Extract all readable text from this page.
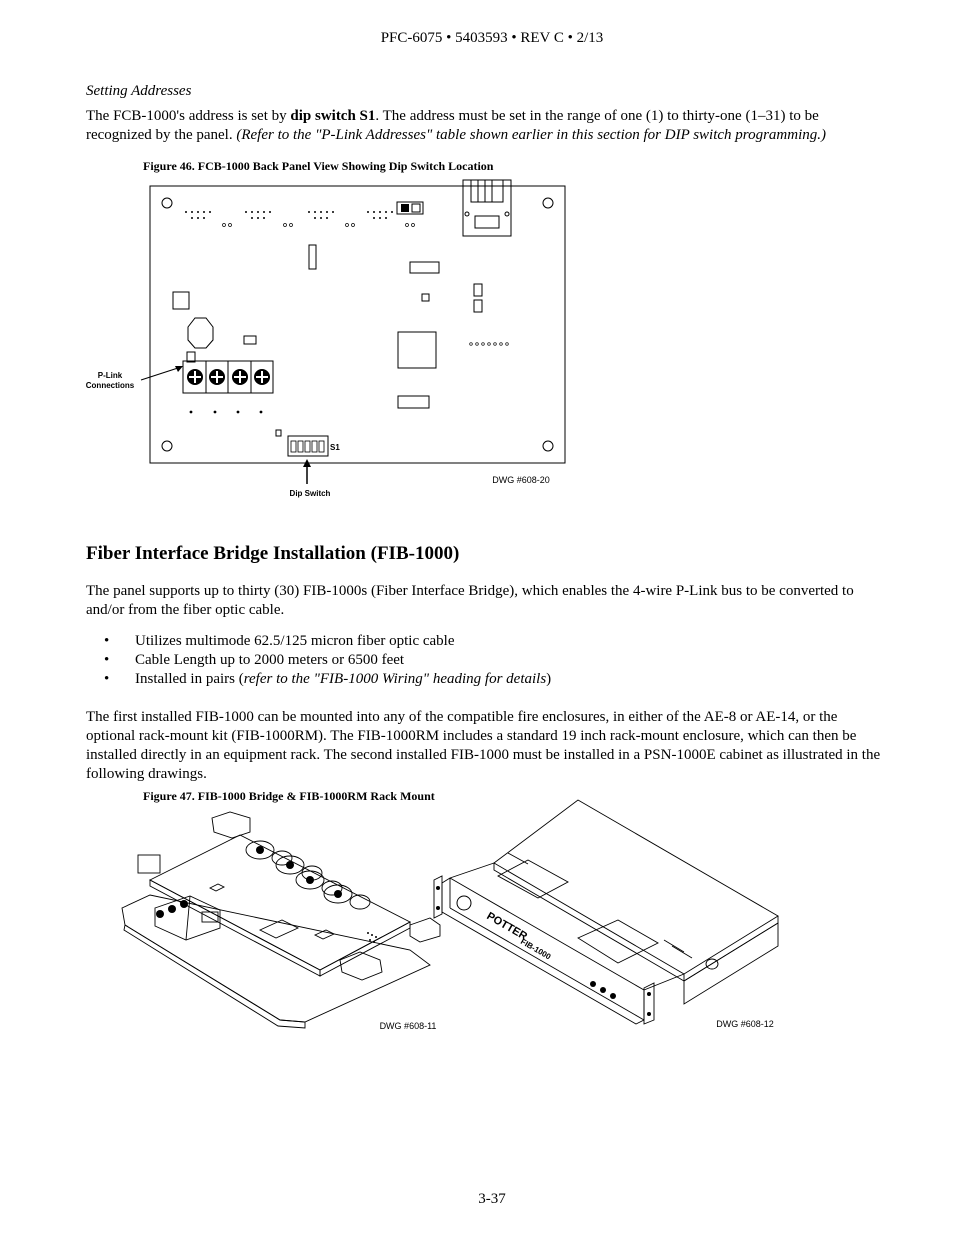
PFC-6075 • 5403593 • REV C • 2/13
Setting Addresses
The FCB-1000's address is set by dip switch S1. The address must be set in the range of one (1) to thirty-one (1–31) to be recognized by the panel. (Refer to the "P-Link Addresses" table shown earlier in this section for DIP switch programming.)
Figure 46. FCB-1000 Back Panel View Showing Dip Switch Location
P-Link
Connections
S1
Dip Switch
DWG #608-20
Fiber Interface Bridge Installation (FIB-1000)
The panel supports up to thirty (30) FIB-1000s (Fiber Interface Bridge), which enables the 4-wire P-Link bus to be converted to and/or from the fiber optic cable.
•	Utilizes multimode 62.5/125 micron fiber optic cable
•	Cable Length up to 2000 meters or 6500 feet
•	Installed in pairs (refer to the "FIB-1000 Wiring" heading for details)
The first installed FIB-1000 can be mounted into any of the compatible fire enclosures, in either of the AE-8 or AE-14, or the optional rack-mount kit (FIB-1000RM). The FIB-1000RM includes a standard 19 inch rack-mount enclosure, which can then be installed directly in an equipment rack. The second installed FIB-1000 must be installed in a PSN-1000E cabinet as illustrated in the following drawings.
Figure 47. FIB-1000 Bridge & FIB-1000RM Rack Mount
DWG #608-11
POTTER
FIB-1000
DWG #608-12
3-37
